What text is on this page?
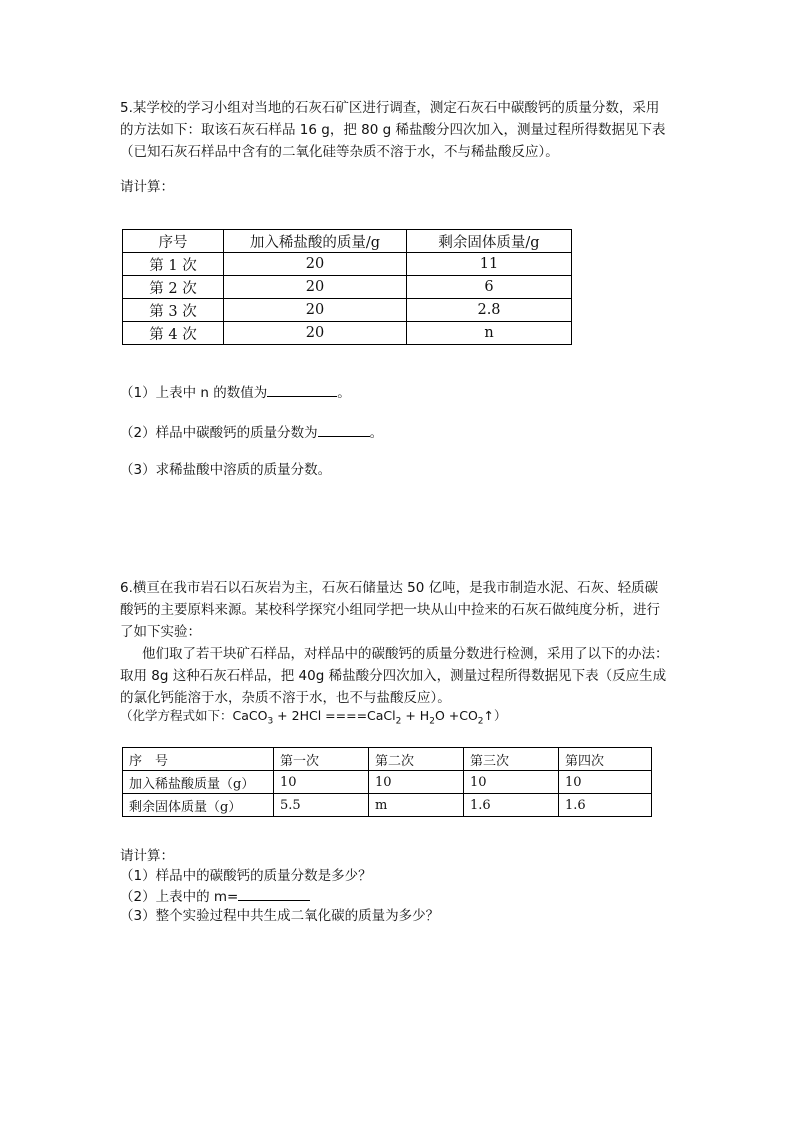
5.某学校的学习小组对当地的石灰石矿区进行调查，测定石灰石中碳酸钙的质量分数，采用

的方法如下：取该石灰石样品 16 g，把 80 g 稀盐酸分四次加入，测量过程所得数据见下表

（已知石灰石样品中含有的二氧化硅等杂质不溶于水，不与稀盐酸反应）。

请计算：

序号	加入稀盐酸的质量/g	剩余固体质量/g
第 1 次	20	11
第 2 次	20	6
第 3 次	20	2.8
第 4 次	20	n

（1）上表中 n 的数值为	。

（2）样品中碳酸钙的质量分数为	。

（3）求稀盐酸中溶质的质量分数。

6.横亘在我市岩石以石灰岩为主，石灰石储量达 50 亿吨，是我市制造水泥、石灰、轻质碳

酸钙的主要原料来源。某校科学探究小组同学把一块从山中捡来的石灰石做纯度分析，进行

了如下实验：

他们取了若干块矿石样品，对样品中的碳酸钙的质量分数进行检测，采用了以下的办法：

取用 8g 这种石灰石样品，把 40g 稀盐酸分四次加入，测量过程所得数据见下表（反应生成

的氯化钙能溶于水，杂质不溶于水，也不与盐酸反应）。

（化学方程式如下：CaCO$_3$ + 2HCl ====CaCl$_2$ + $H_2O$ $+CO_2↑$）

序　号	第一次	第二次	第三次	第四次
加入稀盐酸质量（g）	10	10	10	10
剩余固体质量（g）	5.5	m	1.6	1.6

请计算：

（1）样品中的碳酸钙的质量分数是多少？

（2）上表中的 m=

（3）整个实验过程中共生成二氧化碳的质量为多少？
